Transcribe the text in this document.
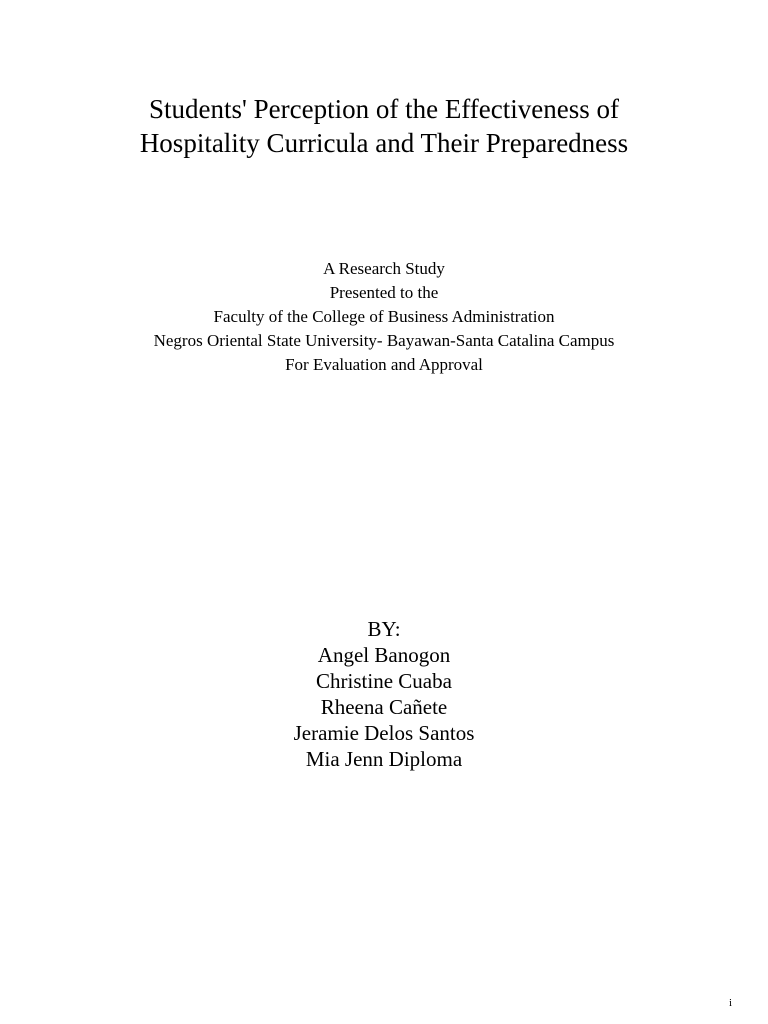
Students' Perception of the Effectiveness of
Hospitality Curricula and Their Preparedness
A Research Study
Presented to the
Faculty of the College of Business Administration
Negros Oriental State University- Bayawan-Santa Catalina Campus
For Evaluation and Approval
BY:
Angel Banogon
Christine Cuaba
Rheena Cañete
Jeramie Delos Santos
Mia Jenn Diploma
i
